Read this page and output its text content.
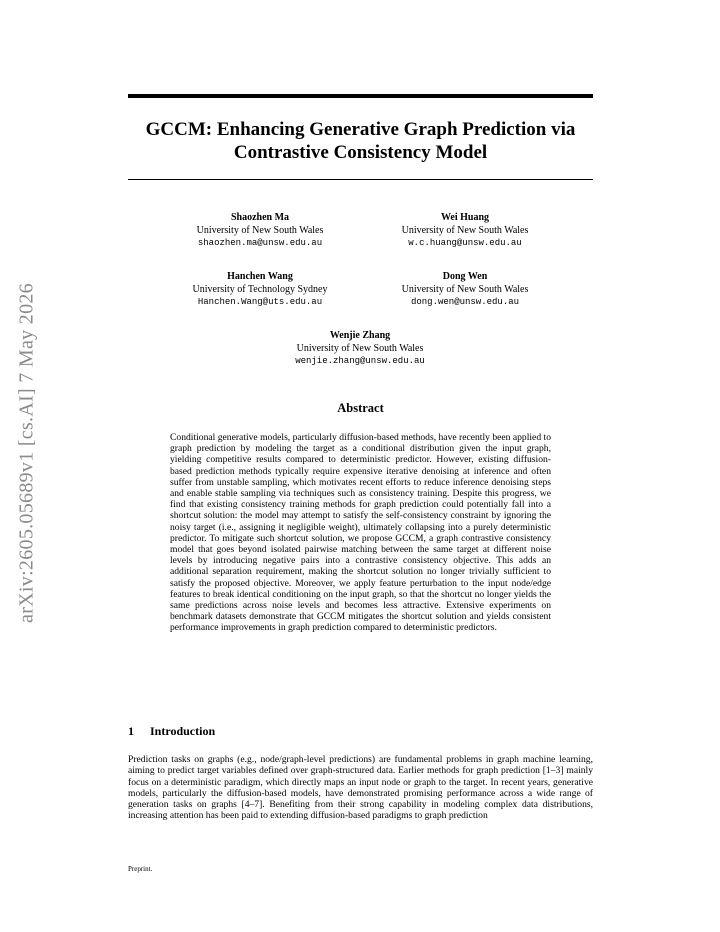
arXiv:2605.05689v1 [cs.AI] 7 May 2026
GCCM: Enhancing Generative Graph Prediction via Contrastive Consistency Model
Shaozhen Ma
University of New South Wales
shaozhen.ma@unsw.edu.au
Wei Huang
University of New South Wales
w.c.huang@unsw.edu.au
Hanchen Wang
University of Technology Sydney
Hanchen.Wang@uts.edu.au
Dong Wen
University of New South Wales
dong.wen@unsw.edu.au
Wenjie Zhang
University of New South Wales
wenjie.zhang@unsw.edu.au
Abstract
Conditional generative models, particularly diffusion-based methods, have recently been applied to graph prediction by modeling the target as a conditional distribution given the input graph, yielding competitive results compared to deterministic predictor. However, existing diffusion-based prediction methods typically require expensive iterative denoising at inference and often suffer from unstable sampling, which motivates recent efforts to reduce inference denoising steps and enable stable sampling via techniques such as consistency training. Despite this progress, we find that existing consistency training methods for graph prediction could potentially fall into a shortcut solution: the model may attempt to satisfy the self-consistency constraint by ignoring the noisy target (i.e., assigning it negligible weight), ultimately collapsing into a purely deterministic predictor. To mitigate such shortcut solution, we propose GCCM, a graph contrastive consistency model that goes beyond isolated pairwise matching between the same target at different noise levels by introducing negative pairs into a contrastive consistency objective. This adds an additional separation requirement, making the shortcut solution no longer trivially sufficient to satisfy the proposed objective. Moreover, we apply feature perturbation to the input node/edge features to break identical conditioning on the input graph, so that the shortcut no longer yields the same predictions across noise levels and becomes less attractive. Extensive experiments on benchmark datasets demonstrate that GCCM mitigates the shortcut solution and yields consistent performance improvements in graph prediction compared to deterministic predictors.
1 Introduction
Prediction tasks on graphs (e.g., node/graph-level predictions) are fundamental problems in graph machine learning, aiming to predict target variables defined over graph-structured data. Earlier methods for graph prediction [1–3] mainly focus on a deterministic paradigm, which directly maps an input node or graph to the target. In recent years, generative models, particularly the diffusion-based models, have demonstrated promising performance across a wide range of generation tasks on graphs [4–7]. Benefiting from their strong capability in modeling complex data distributions, increasing attention has been paid to extending diffusion-based paradigms to graph prediction
Preprint.
